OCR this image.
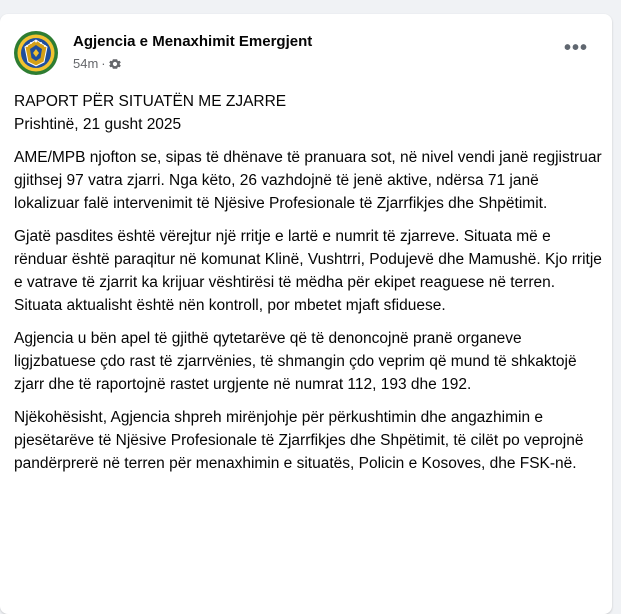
Agjencia e Menaxhimit Emergjent
54m ·
•••

RAPORT PËR SITUATËN ME ZJARRE
Prishtinë, 21 gusht 2025

AME/MPB njofton se, sipas të dhënave të pranuara sot, në nivel vendi janë regjistruar gjithsej 97 vatra zjarri. Nga këto, 26 vazhdojnë të jenë aktive, ndërsa 71 janë lokalizuar falë intervenimit të Njësive Profesionale të Zjarrfikjes dhe Shpëtimit.

Gjatë pasdites është vërejtur një rritje e lartë e numrit të zjarreve. Situata më e rënduar është paraqitur në komunat Klinë, Vushtrri, Podujevë dhe Mamushë. Kjo rritje e vatrave të zjarrit ka krijuar vështirësi të mëdha për ekipet reaguese në terren. Situata aktualisht është nën kontroll, por mbetet mjaft sfiduese.

Agjencia u bën apel të gjithë qytetarëve që të denoncojnë pranë organeve ligjzbatuese çdo rast të zjarrvënies, të shmangin çdo veprim që mund të shkaktojë zjarr dhe të raportojnë rastet urgjente në numrat 112, 193 dhe 192.

Njëkohësisht, Agjencia shpreh mirënjohje për përkushtimin dhe angazhimin e pjesëtarëve të Njësive Profesionale të Zjarrfikjes dhe Shpëtimit, të cilët po veprojnë pandërprerë në terren për menaxhimin e situatës, Policin e Kosoves, dhe FSK-në.
